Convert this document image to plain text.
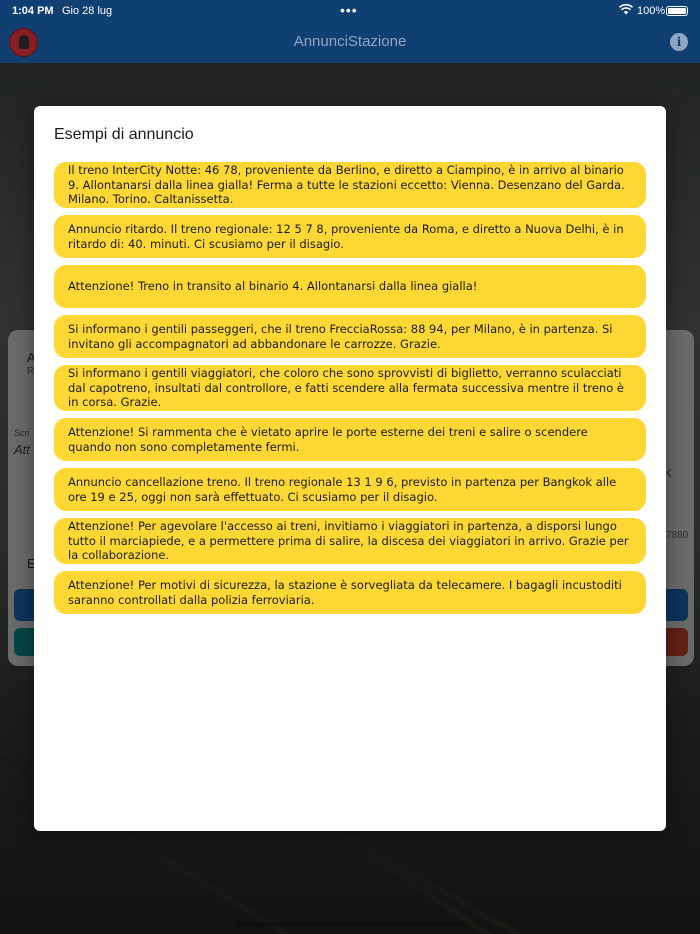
1:04 PM Gio 28 lug	•••	100%
AnnunciStazione	i
Esempi di annuncio
Il treno InterCity Notte: 46 78, proveniente da Berlino, e diretto a Ciampino, è in arrivo al binario 9. Allontanarsi dalla linea gialla! Ferma a tutte le stazioni eccetto: Vienna. Desenzano del Garda. Milano. Torino. Caltanissetta.
Annuncio ritardo. Il treno regionale: 12 5 7 8, proveniente da Roma, e diretto a Nuova Delhi, è in ritardo di: 40. minuti. Ci scusiamo per il disagio.
Attenzione! Treno in transito al binario 4. Allontanarsi dalla linea gialla!
Si informano i gentili passeggeri, che il treno FrecciaRossa: 88 94, per Milano, è in partenza. Si invitano gli accompagnatori ad abbandonare le carrozze. Grazie.
Si informano i gentili viaggiatori, che coloro che sono sprovvisti di biglietto, verranno sculacciati dal capotreno, insultati dal controllore, e fatti scendere alla fermata successiva mentre il treno è in corsa. Grazie.
Attenzione! Si rammenta che è vietato aprire le porte esterne dei treni e salire o scendere quando non sono completamente fermi.
Annuncio cancellazione treno. Il treno regionale 13 1 9 6, previsto in partenza per Bangkok alle ore 19 e 25, oggi non sarà effettuato. Ci scusiamo per il disagio.
Attenzione! Per agevolare l'accesso ai treni, invitiamo i viaggiatori in partenza, a disporsi lungo tutto il marciapiede, e a permettere prima di salire, la discesa dei viaggiatori in arrivo. Grazie per la collaborazione.
Attenzione! Per motivi di sicurezza, la stazione è sorvegliata da telecamere. I bagagli incustoditi saranno controllati dalla polizia ferroviaria.
